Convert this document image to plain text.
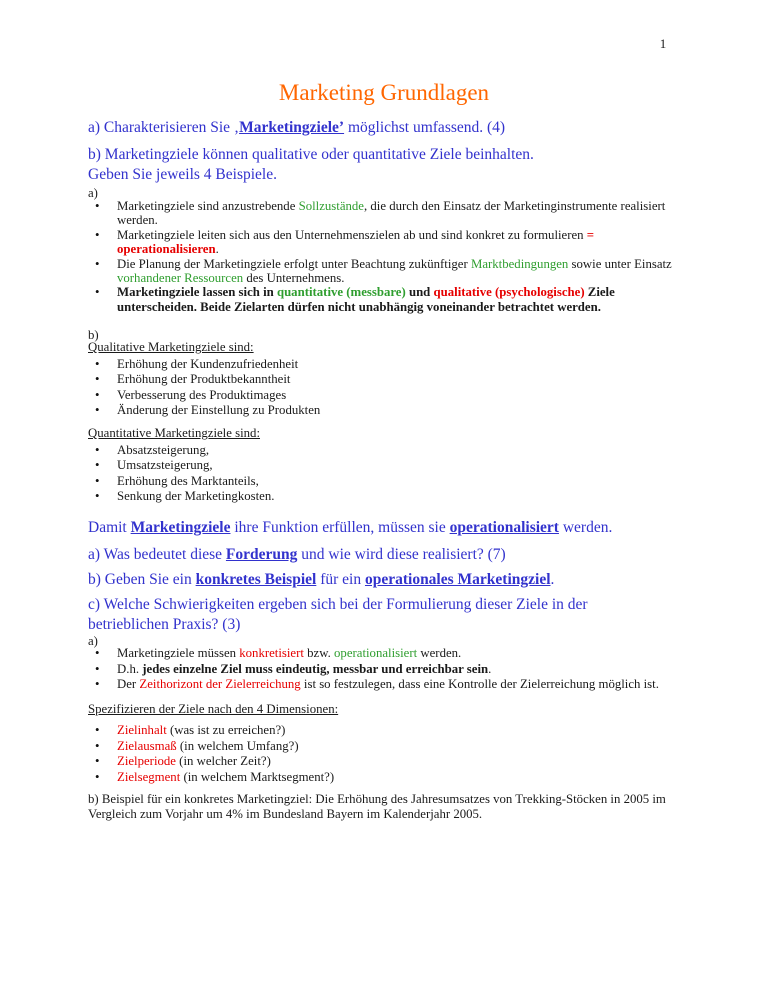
1
Marketing Grundlagen
a) Charakterisieren Sie ‚Marketingziele’ möglichst umfassend. (4)
b) Marketingziele können qualitative oder quantitative Ziele beinhalten.
Geben Sie jeweils 4 Beispiele.
a)
•	Marketingziele sind anzustrebende Sollzustände, die durch den Einsatz der Marketinginstrumente realisiert werden.
•	Marketingziele leiten sich aus den Unternehmenszielen ab und sind konkret zu formulieren = operationalisieren.
•	Die Planung der Marketingziele erfolgt unter Beachtung zukünftiger Marktbedingungen sowie unter Einsatz vorhandener Ressourcen des Unternehmens.
•	Marketingziele lassen sich in quantitative (messbare) und qualitative (psychologische) Ziele unterscheiden. Beide Zielarten dürfen nicht unabhängig voneinander betrachtet werden.
b)
Qualitative Marketingziele sind:
•	Erhöhung der Kundenzufriedenheit
•	Erhöhung der Produktbekanntheit
•	Verbesserung des Produktimages
•	Änderung der Einstellung zu Produkten
Quantitative Marketingziele sind:
•	Absatzsteigerung,
•	Umsatzsteigerung,
•	Erhöhung des Marktanteils,
•	Senkung der Marketingkosten.
Damit Marketingziele ihre Funktion erfüllen, müssen sie operationalisiert werden.
a) Was bedeutet diese Forderung und wie wird diese realisiert? (7)
b) Geben Sie ein konkretes Beispiel für ein operationales Marketingziel.
c) Welche Schwierigkeiten ergeben sich bei der Formulierung dieser Ziele in der
betrieblichen Praxis? (3)
a)
•	Marketingziele müssen konkretisiert bzw. operationalisiert werden.
•	D.h. jedes einzelne Ziel muss eindeutig, messbar und erreichbar sein.
•	Der Zeithorizont der Zielerreichung ist so festzulegen, dass eine Kontrolle der Zielerreichung möglich ist.
Spezifizieren der Ziele nach den 4 Dimensionen:
•	Zielinhalt (was ist zu erreichen?)
•	Zielausmaß (in welchem Umfang?)
•	Zielperiode (in welcher Zeit?)
•	Zielsegment (in welchem Marktsegment?)
b) Beispiel für ein konkretes Marketingziel: Die Erhöhung des Jahresumsatzes von Trekking-Stöcken in 2005 im Vergleich zum Vorjahr um 4% im Bundesland Bayern im Kalenderjahr 2005.
